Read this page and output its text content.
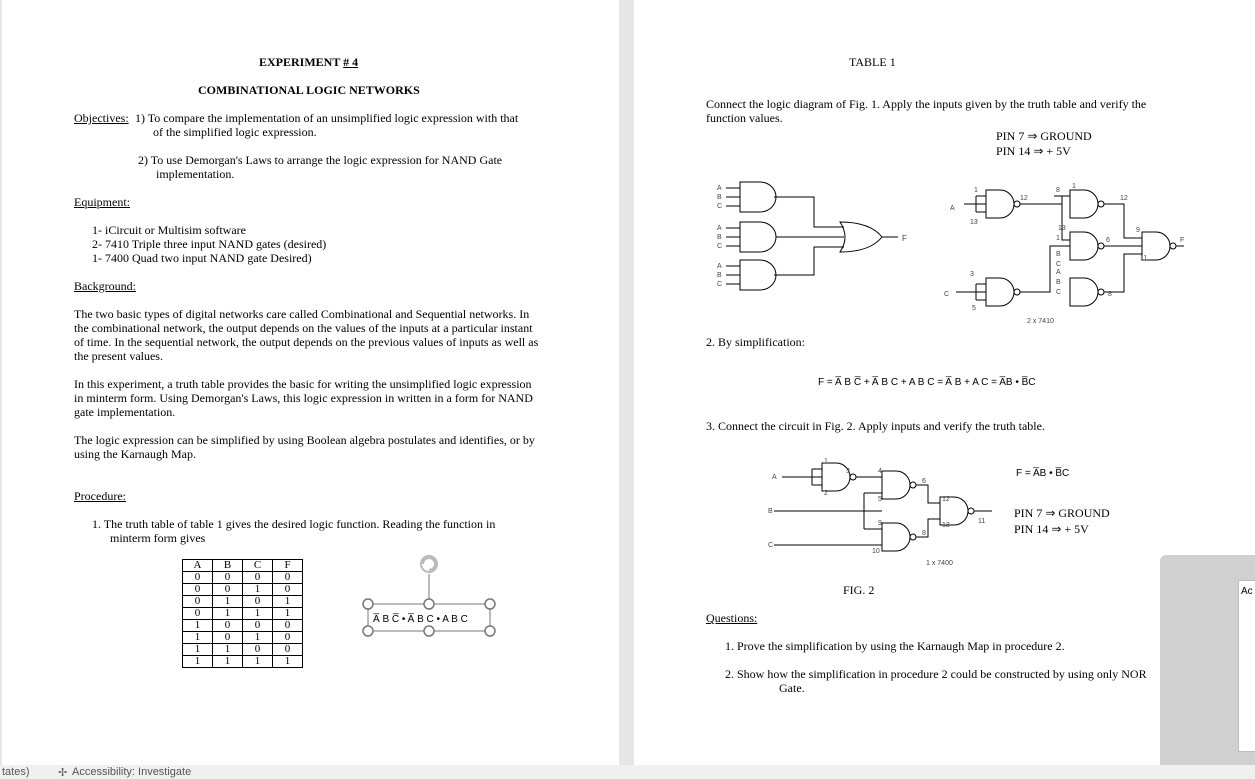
EXPERIMENT # 4
COMBINATIONAL LOGIC NETWORKS
Objectives: 1) To compare the implementation of an unsimplified logic expression with that
of the simplified logic expression.
2) To use Demorgan's Laws to arrange the logic expression for NAND Gate
implementation.
Equipment:
1- iCircuit or Multisim software
2- 7410 Triple three input NAND gates (desired)
1- 7400 Quad two input NAND gate Desired)
Background:
The two basic types of digital networks care called Combinational and Sequential networks. In
the combinational network, the output depends on the values of the inputs at a particular instant
of time. In the sequential network, the output depends on the previous values of inputs as well as
the present values.
In this experiment, a truth table provides the basic for writing the unsimplified logic expression
in minterm form. Using Demorgan's Laws, this logic expression in written in a form for NAND
gate implementation.
The logic expression can be simplified by using Boolean algebra postulates and identifies, or by
using the Karnaugh Map.
Procedure:
1. The truth table of table 1 gives the desired logic function. Reading the function in
minterm form gives
A	B	C	F
0	0	0	0
0	0	1	0
0	1	0	1
0	1	1	1
1	0	0	0
1	0	1	0
1	1	0	0
1	1	1	1
A̅ B C̅ • A̅ B C • A B C
TABLE 1
Connect the logic diagram of Fig. 1. Apply the inputs given by the truth table and verify the
function values.
PIN 7 ⇒ GROUND
PIN 14 ⇒ + 5V
A
B
C
A
B
C
A
B
C
F
A
1
13
12
C
3
5
8
1
12
13
1	6
B
C
A
B
C	8
9
11
F
2 x 7410
2. By simplification:
F = A̅ B C̅ + A̅ B C + A B C = A̅ B + A C = A̅B • B̅C
3. Connect the circuit in Fig. 2. Apply inputs and verify the truth table.
A
1
2
3	4
5
6
B
12
13
11
9
8
C
10
F = A̅B • B̅C
PIN 7 ⇒ GROUND
PIN 14 ⇒ + 5V
1 x 7400
FIG. 2
Questions:
1. Prove the simplification by using the Karnaugh Map in procedure 2.
2. Show how the simplification in procedure 2 could be constructed by using only NOR
Gate.
Ac
tates)	✢ Accessibility: Investigate
